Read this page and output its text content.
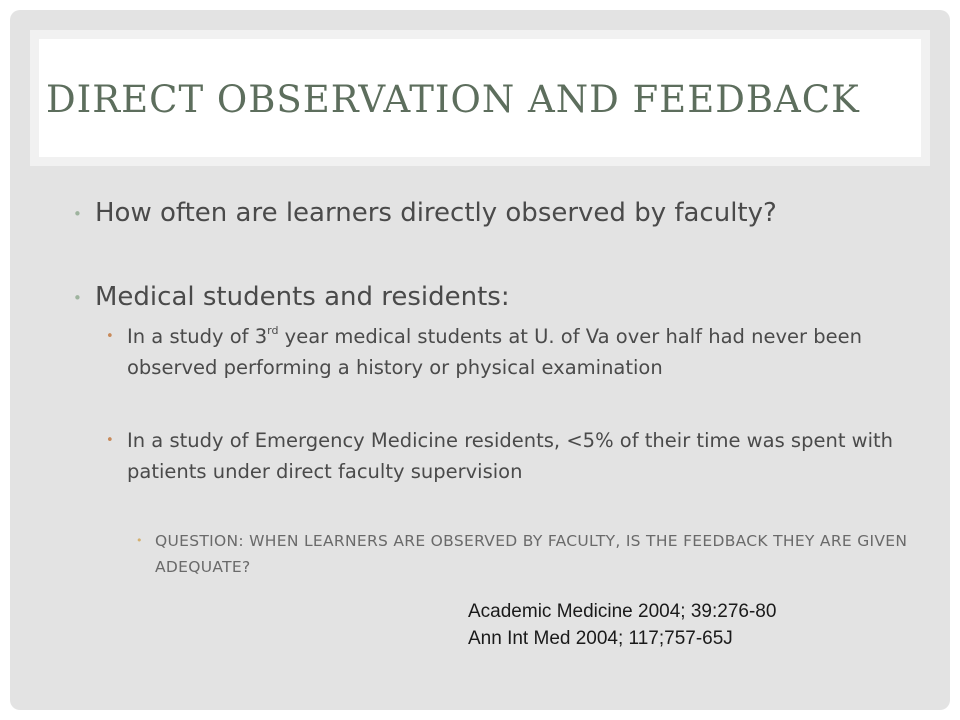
DIRECT OBSERVATION AND FEEDBACK
• How often are learners directly observed by faculty?
• Medical students and residents:
• In a study of 3rd year medical students at U. of Va over half had never been observed performing a history or physical examination
• In a study of Emergency Medicine residents, <5% of their time was spent with patients under direct faculty supervision
• QUESTION: WHEN LEARNERS ARE OBSERVED BY FACULTY, IS THE FEEDBACK THEY ARE GIVEN ADEQUATE?
Academic Medicine 2004; 39:276-80
Ann Int Med 2004; 117;757-65J
